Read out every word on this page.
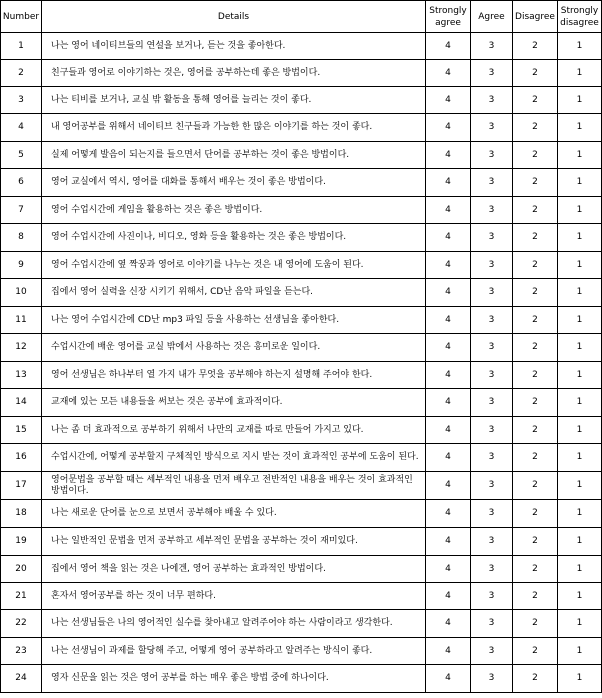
Number	Details	Strongly agree	Agree	Disagree	Strongly disagree
1	나는 영어 네이티브들의 연설을 보거나, 듣는 것을 좋아한다.	4	3	2	1
2	친구들과 영어로 이야기하는 것은, 영어를 공부하는데 좋은 방법이다.	4	3	2	1
3	나는 티비를 보거나, 교실 밖 활동을 통해 영어를 늘리는 것이 좋다.	4	3	2	1
4	내 영어공부를 위해서 네이티브 친구들과 가능한 한 많은 이야기를 하는 것이 좋다.	4	3	2	1
5	실제 어떻게 발음이 되는지를 들으면서 단어를 공부하는 것이 좋은 방법이다.	4	3	2	1
6	영어 교실에서 역시, 영어를 대화를 통해서 배우는 것이 좋은 방법이다.	4	3	2	1
7	영어 수업시간에 게임을 활용하는 것은 좋은 방법이다.	4	3	2	1
8	영어 수업시간에 사진이나, 비디오, 영화 등을 활용하는 것은 좋은 방법이다.	4	3	2	1
9	영어 수업시간에 옆 짝꿍과 영어로 이야기를 나누는 것은 내 영어에 도움이 된다.	4	3	2	1
10	집에서 영어 실력을 신장 시키기 위해서, CD난 음악 파일을 듣는다.	4	3	2	1
11	나는 영어 수업시간에 CD난 mp3 파일 등을 사용하는 선생님을 좋아한다.	4	3	2	1
12	수업시간에 배운 영어를 교실 밖에서 사용하는 것은 흥미로운 일이다.	4	3	2	1
13	영어 선생님은 하나부터 열 가지 내가 무엇을 공부해야 하는지 설명해 주어야 한다.	4	3	2	1
14	교재에 있는 모든 내용들을 써보는 것은 공부에 효과적이다.	4	3	2	1
15	나는 좀 더 효과적으로 공부하기 위해서 나만의 교재를 따로 만들어 가지고 있다.	4	3	2	1
16	수업시간에, 어떻게 공부할지 구체적인 방식으로 지시 받는 것이 효과적인 공부에 도움이 된다.	4	3	2	1
17	영어문법을 공부할 때는 세부적인 내용을 먼저 배우고 전반적인 내용을 배우는 것이 효과적인 방법이다.	4	3	2	1
18	나는 새로운 단어를 눈으로 보면서 공부해야 배울 수 있다.	4	3	2	1
19	나는 일반적인 문법을 먼저 공부하고 세부적인 문법을 공부하는 것이 재미있다.	4	3	2	1
20	집에서 영어 책을 읽는 것은 나에겐, 영어 공부하는 효과적인 방법이다.	4	3	2	1
21	혼자서 영어공부를 하는 것이 너무 편하다.	4	3	2	1
22	나는 선생님들은 나의 영어적인 실수를 찾아내고 알려주어야 하는 사람이라고 생각한다.	4	3	2	1
23	나는 선생님이 과제를 할당해 주고, 어떻게 영어 공부하라고 알려주는 방식이 좋다.	4	3	2	1
24	영자 신문을 읽는 것은 영어 공부를 하는 매우 좋은 방법 중에 하나이다.	4	3	2	1
